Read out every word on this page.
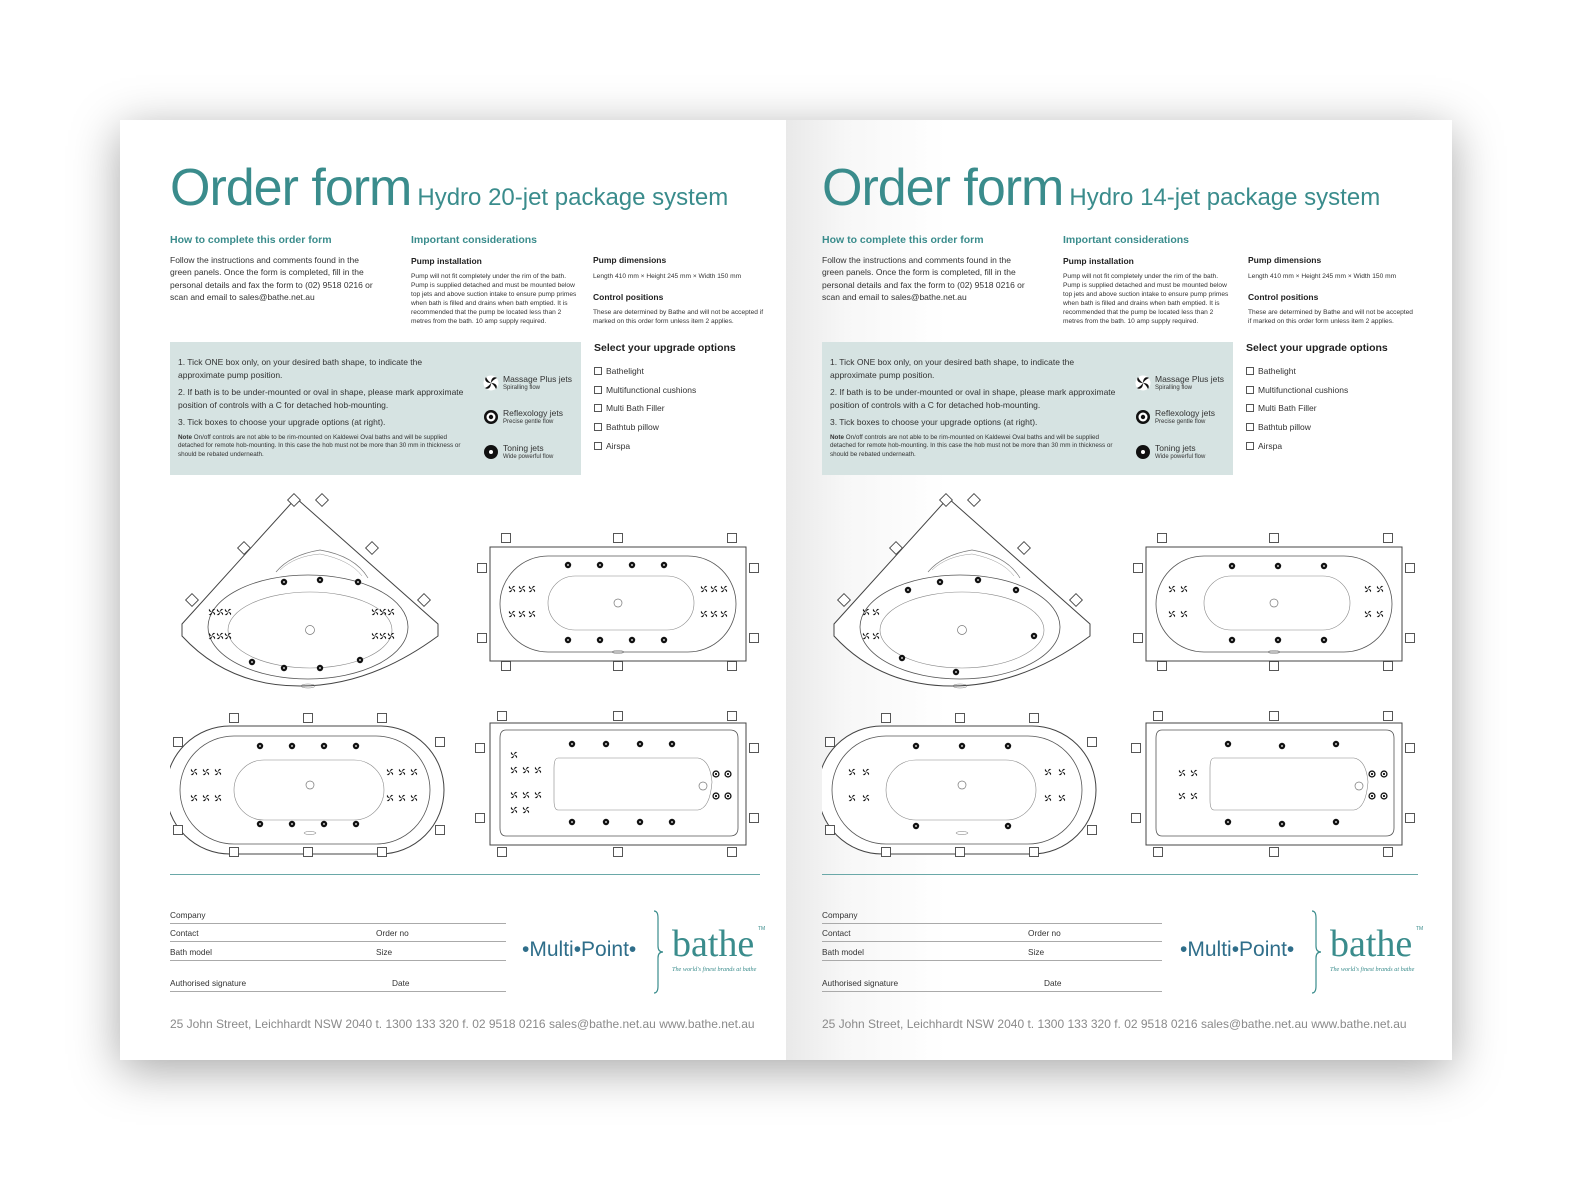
Order form Hydro 20-jet package system
How to complete this order form
Follow the instructions and comments found in the green panels. Once the form is completed, fill in the personal details and fax the form to (02) 9518 0216 or scan and email to sales@bathe.net.au
Important considerations
Pump installation
Pump will not fit completely under the rim of the bath. Pump is supplied detached and must be mounted below top jets and above suction intake to ensure pump primes when bath is filled and drains when bath emptied. It is recommended that the pump be located less than 2 metres from the bath. 10 amp supply required.
Pump dimensions
Length 410 mm × Height 245 mm × Width 150 mm
Control positions
These are determined by Bathe and will not be accepted if marked on this order form unless item 2 applies.
1. Tick ONE box only, on your desired bath shape, to indicate the approximate pump position.
2. If bath is to be under-mounted or oval in shape, please mark approximate position of controls with a C for detached hob-mounting.
3. Tick boxes to choose your upgrade options (at right).
Note On/off controls are not able to be rim-mounted on Kaldewei Oval baths and will be supplied detached for remote hob-mounting. In this case the hob must not be more than 30 mm in thickness or should be rebated underneath.
Massage Plus jets
Spiralling flow
Reflexology jets
Precise gentle flow
Toning jets
Wide powerful flow
Select your upgrade options
Bathelight
Multifunctional cushions
Multi Bath Filler
Bathtub pillow
Airspa
Company
Contact	Order no
Bath model	Size
Authorised signature	Date
•Multi•Point• bathe TM
The world's finest brands at bathe
25 John Street, Leichhardt NSW 2040 t. 1300 133 320 f. 02 9518 0216 sales@bathe.net.au www.bathe.net.au
Order form Hydro 14-jet package system
How to complete this order form
Follow the instructions and comments found in the green panels. Once the form is completed, fill in the personal details and fax the form to (02) 9518 0216 or scan and email to sales@bathe.net.au
Important considerations
Pump installation
Pump will not fit completely under the rim of the bath. Pump is supplied detached and must be mounted below top jets and above suction intake to ensure pump primes when bath is filled and drains when bath emptied. It is recommended that the pump be located less than 2 metres from the bath. 10 amp supply required.
Pump dimensions
Length 410 mm × Height 245 mm × Width 150 mm
Control positions
These are determined by Bathe and will not be accepted if marked on this order form unless item 2 applies.
1. Tick ONE box only, on your desired bath shape, to indicate the approximate pump position.
2. If bath is to be under-mounted or oval in shape, please mark approximate position of controls with a C for detached hob-mounting.
3. Tick boxes to choose your upgrade options (at right).
Note On/off controls are not able to be rim-mounted on Kaldewei Oval baths and will be supplied detached for remote hob-mounting. In this case the hob must not be more than 30 mm in thickness or should be rebated underneath.
Massage Plus jets
Spiralling flow
Reflexology jets
Precise gentle flow
Toning jets
Wide powerful flow
Select your upgrade options
Bathelight
Multifunctional cushions
Multi Bath Filler
Bathtub pillow
Airspa
Company
Contact	Order no
Bath model	Size
Authorised signature	Date
•Multi•Point• bathe TM
The world's finest brands at bathe
25 John Street, Leichhardt NSW 2040 t. 1300 133 320 f. 02 9518 0216 sales@bathe.net.au www.bathe.net.au
